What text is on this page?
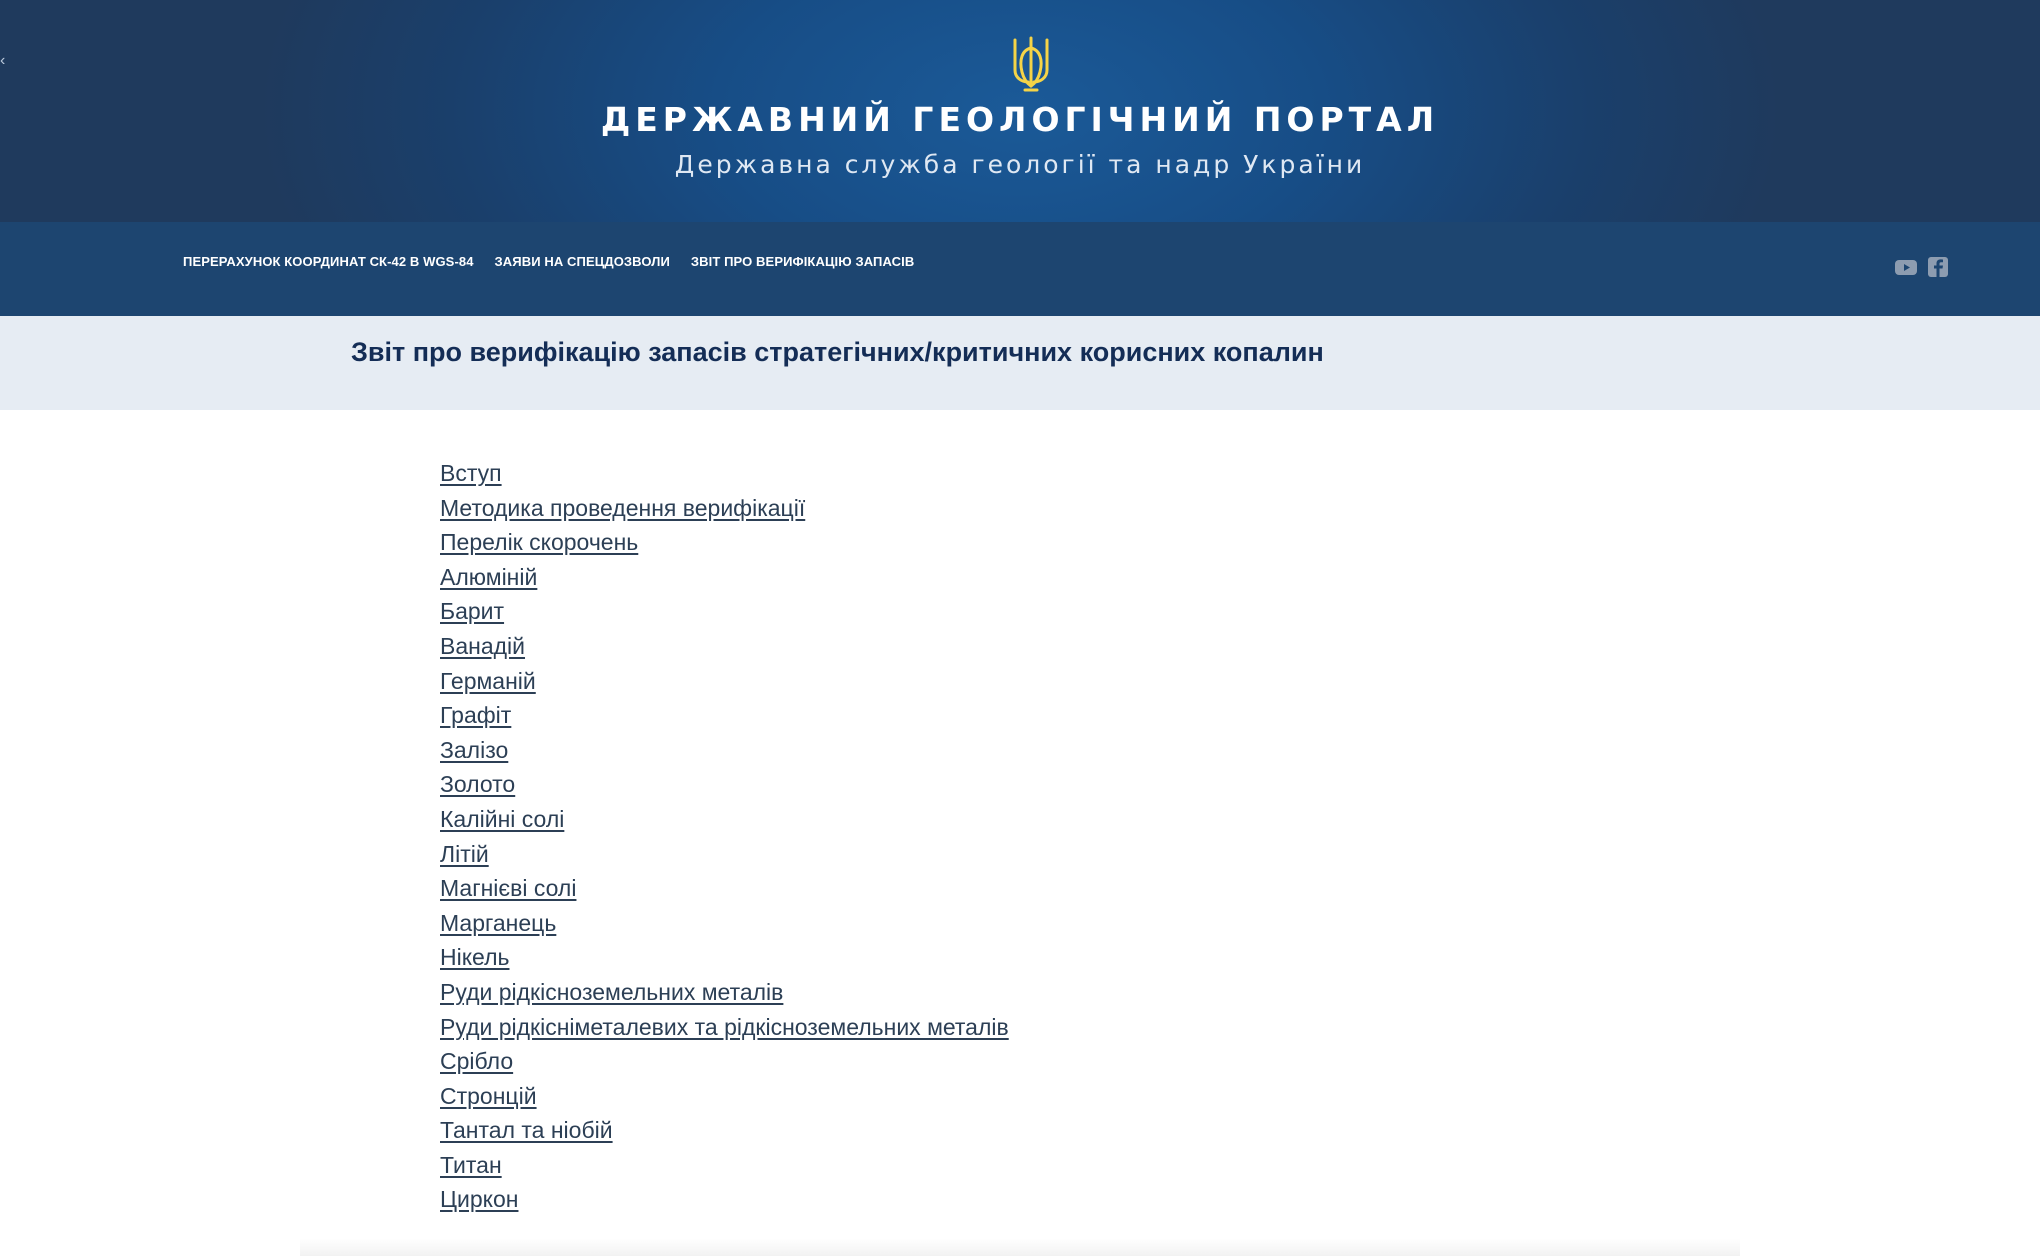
‹
ДЕРЖАВНИЙ ГЕОЛОГІЧНИЙ ПОРТАЛ
Державна служба геології та надр України
ПЕРЕРАХУНОК КООРДИНАТ СК-42 В WGS-84 ЗАЯВИ НА СПЕЦДОЗВОЛИ ЗВІТ ПРО ВЕРИФІКАЦІЮ ЗАПАСІВ
Звіт про верифікацію запасів стратегічних/критичних корисних копалин
Вступ
Методика проведення верифікації
Перелік скорочень
Алюміній
Барит
Ванадій
Германій
Графіт
Залізо
Золото
Калійні солі
Літій
Магнієві солі
Марганець
Нікель
Руди рідкісноземельних металів
Руди рідкісніметалевих та рідкісноземельних металів
Срібло
Стронцій
Тантал та ніобій
Титан
Циркон
